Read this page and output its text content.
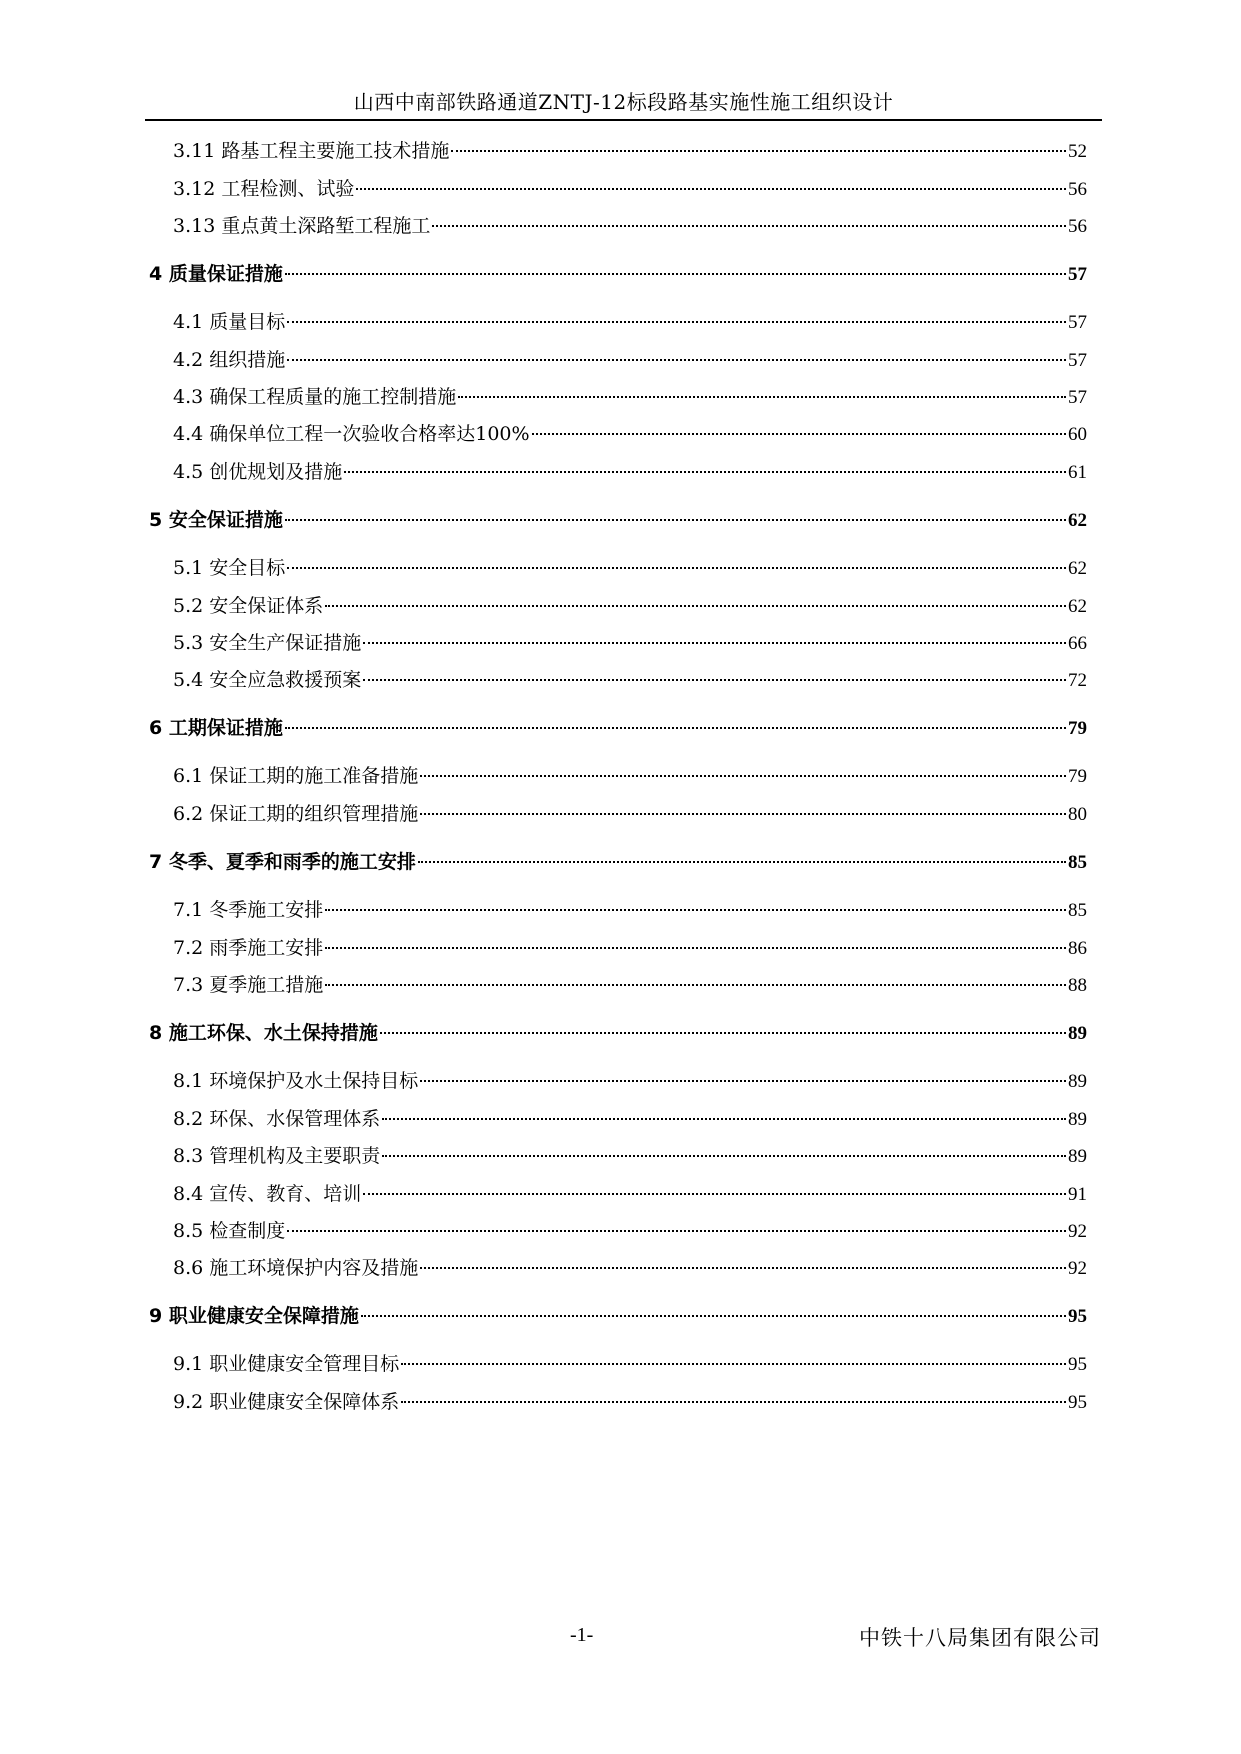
山西中南部铁路通道ZNTJ-12标段路基实施性施工组织设计
3.11 路基工程主要施工技术措施	52
3.12 工程检测、试验	56
3.13 重点黄土深路堑工程施工	56
4 质量保证措施	57
4.1 质量目标	57
4.2 组织措施	57
4.3 确保工程质量的施工控制措施	57
4.4 确保单位工程一次验收合格率达100%	60
4.5 创优规划及措施	61
5 安全保证措施	62
5.1 安全目标	62
5.2 安全保证体系	62
5.3 安全生产保证措施	66
5.4 安全应急救援预案	72
6 工期保证措施	79
6.1 保证工期的施工准备措施	79
6.2 保证工期的组织管理措施	80
7 冬季、夏季和雨季的施工安排	85
7.1 冬季施工安排	85
7.2 雨季施工安排	86
7.3 夏季施工措施	88
8 施工环保、水土保持措施	89
8.1 环境保护及水土保持目标	89
8.2 环保、水保管理体系	89
8.3 管理机构及主要职责	89
8.4 宣传、教育、培训	91
8.5 检查制度	92
8.6 施工环境保护内容及措施	92
9 职业健康安全保障措施	95
9.1 职业健康安全管理目标	95
9.2 职业健康安全保障体系	95
-1-	中铁十八局集团有限公司
